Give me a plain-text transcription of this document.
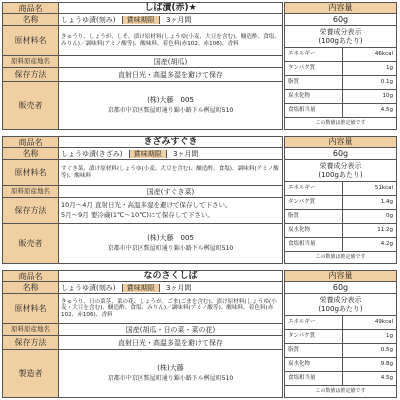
商品名	しば漬(赤)★

名称	しょうゆ漬(刻み) 賞味期限 3ヶ月間
原材料名	きゅうり、しょうが、しそ、漬け原材料(しょうゆ(小麦、大豆を含む)、醸造酢、食塩、みりん)／調味料(アミノ酸等)、酸味料、着色料(赤102、赤106)、香料
原料原産地名	国産(胡瓜)
保存方法	直射日光・高温多湿を避けて保存

販売者	(株)大藤　005
京都市中京区麩屋町通り錦小路下ル桝屋町510
内容量	
60g	

栄養成分表示
(100gあたり)	

エネルギー	46kcal
タンパク質	1g
脂質	0.1g
炭水化物	10g
食塩相当量	4.5g
この数値は推定値です	
商品名	きざみすぐき

名称	しょうゆ漬(きざみ) 賞味期限 3ヶ月間
原材料名	すぐき菜、漬け原材料(しょうゆ(小麦、大豆を含む)、醸造酢、食塩)、調味料(アミノ酸等)、酸味料
原料原産地名	国産(すぐき菜)
保存方法	10月～4月 直射日光・高温多湿を避けて保存して下さい。
5月～9月 要冷蔵(1℃～10℃)にて保存して下さい。

販売者	(株)大藤　005
京都市中京区麩屋町通り錦小路下ル桝屋町510
内容量	
60g	

栄養成分表示
(100gあたり)	

エネルギー	51kcal
タンパク質	1.4g
脂質	0g
炭水化物	11.2g
食塩相当量	4.2g
この数値は推定値です	
商品名	なのさくしば

名称	しょうゆ漬(刻み) 賞味期限 3ヶ月間
原材料名	きゅうり、日の菜茎、菜の花、しょうが、ごま(ごまを含む)、漬け原材料(しょうゆ(小麦・大豆を含む)、醸造酢、食塩、みりん)／調味料(アミノ酸等)、酸味料、着色料(赤102、赤106)、香料
原料原産地名	国産(胡瓜・日の菜・菜の花)
保存方法	直射日光・高温多湿を避けて保存

製造者	(株)大藤
京都市中京区麩屋町通り錦小路下ル桝屋町510
内容量	
60g	

栄養成分表示
(100gあたり)	

エネルギー	49kcal
タンパク質	1g
脂質	0.5g
炭水化物	9.8g
食塩相当量	4.5g
この数値は推定値です	
